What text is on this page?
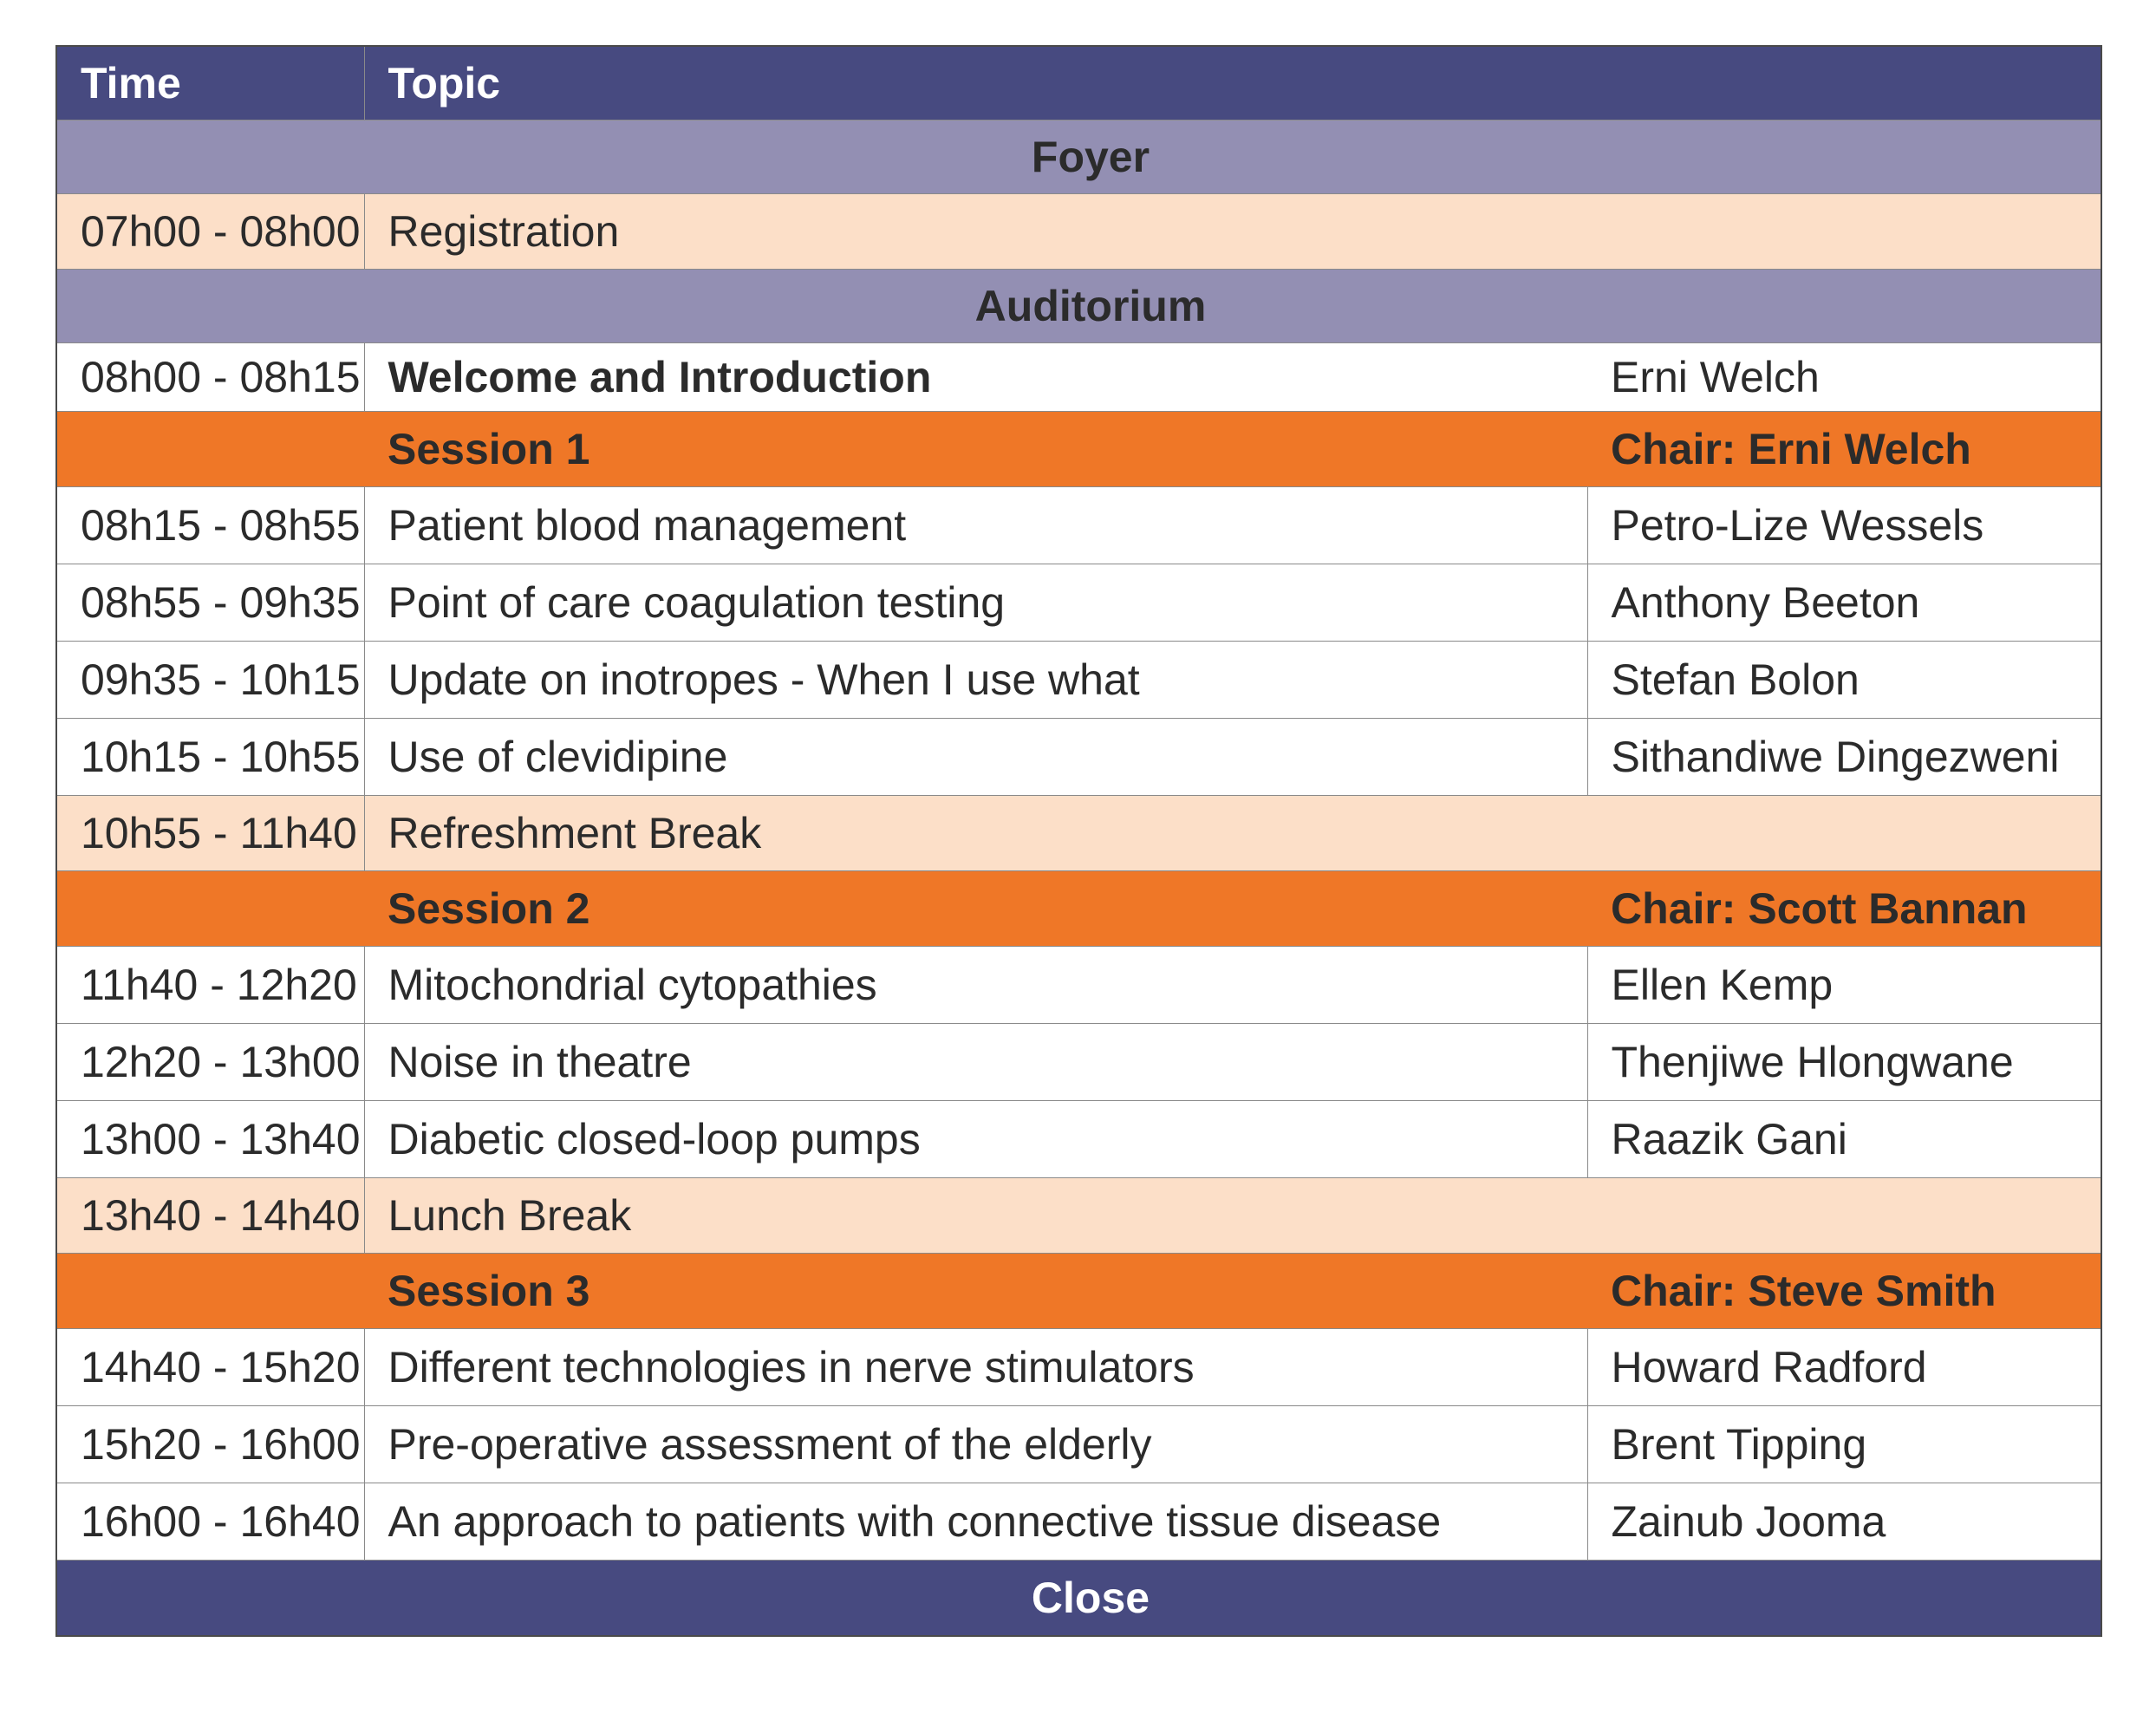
Time	Topic	
Foyer		
07h00 - 08h00	Registration	
Auditorium		
08h00 - 08h15	Welcome and Introduction	Erni Welch
	Session 1	Chair: Erni Welch
08h15 - 08h55	Patient blood management	Petro-Lize Wessels
08h55 - 09h35	Point of care coagulation testing	Anthony Beeton
09h35 - 10h15	Update on inotropes - When I use what	Stefan Bolon
10h15 - 10h55	Use of clevidipine	Sithandiwe Dingezweni
10h55 - 11h40	Refreshment Break	
	Session 2	Chair: Scott Bannan
11h40 - 12h20	Mitochondrial cytopathies	Ellen Kemp
12h20 - 13h00	Noise in theatre	Thenjiwe Hlongwane
13h00 - 13h40	Diabetic closed-loop pumps	Raazik Gani
13h40 - 14h40	Lunch Break	
	Session 3	Chair: Steve Smith
14h40 - 15h20	Different technologies in nerve stimulators	Howard Radford
15h20 - 16h00	Pre-operative assessment of the elderly	Brent Tipping
16h00 - 16h40	An approach to patients with connective tissue disease	Zainub Jooma
Close		
